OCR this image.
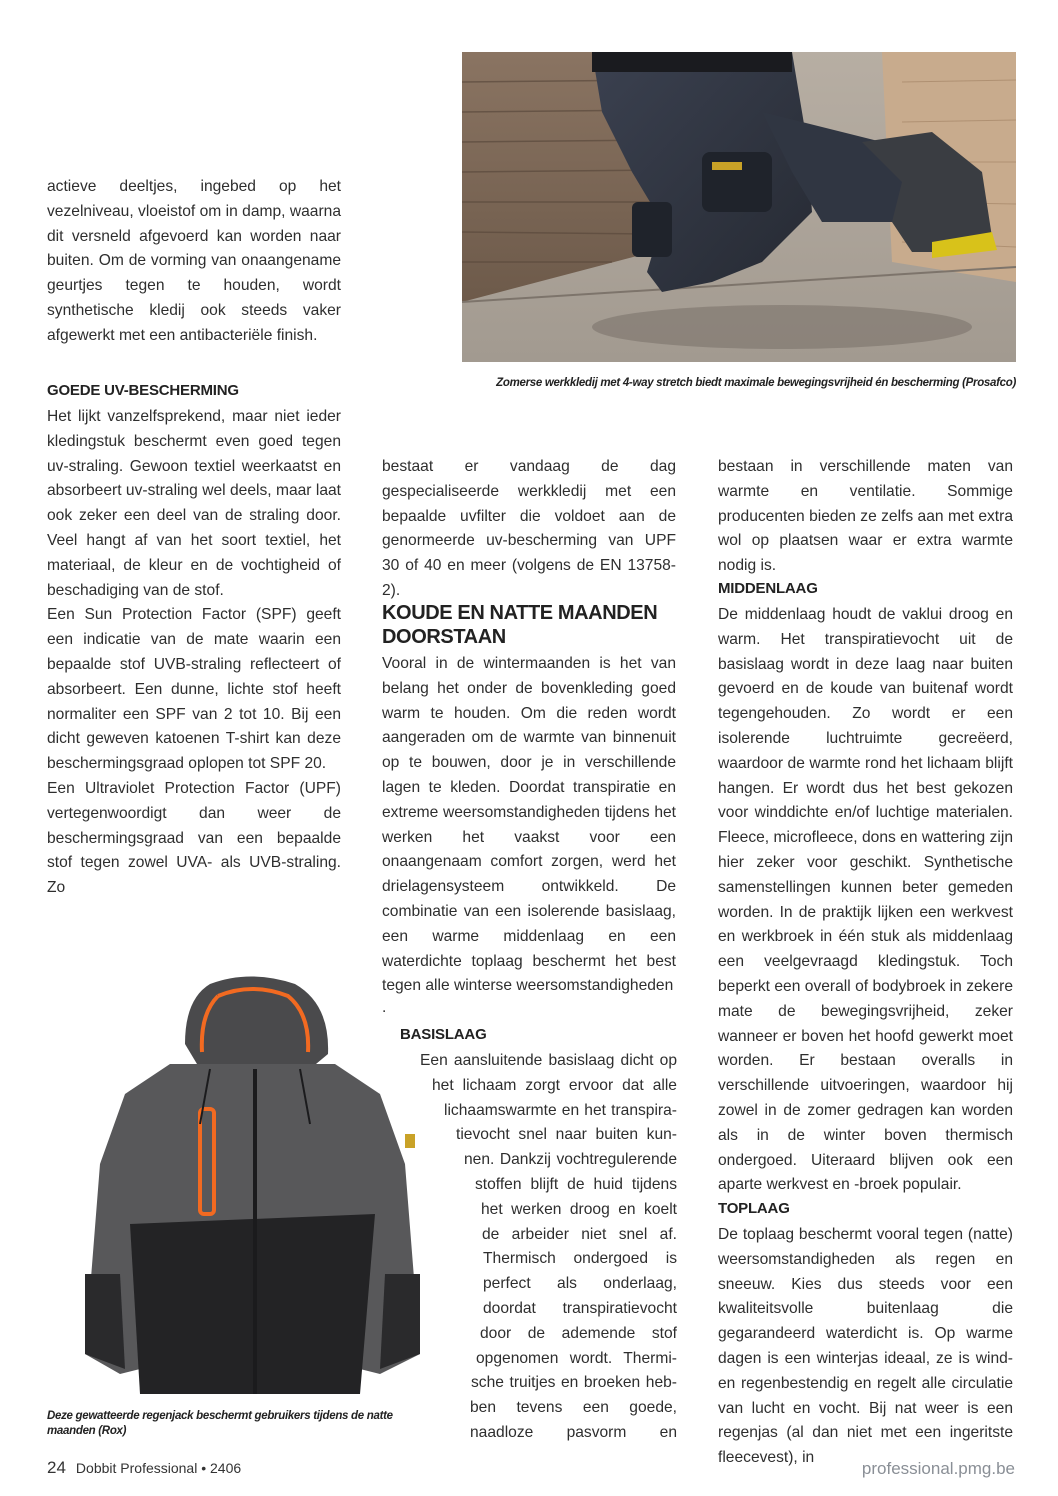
Zomerse werkkledij met 4-way stretch biedt maximale bewegingsvrijheid én bescherming (Prosafco)

actieve deeltjes, ingebed op het vezelniveau, vloeistof om in damp, waarna dit versneld afgevoerd kan worden naar buiten. Om de vorming van onaangename geurtjes tegen te houden, wordt synthetische kledij ook steeds vaker afgewerkt met een antibacteriële finish.

GOEDE UV-BESCHERMING

Het lijkt vanzelfsprekend, maar niet ieder kledingstuk beschermt even goed tegen uv-straling. Gewoon textiel weerkaatst en absorbeert uv-straling wel deels, maar laat ook zeker een deel van de straling door. Veel hangt af van het soort textiel, het materiaal, de kleur en de vochtigheid of beschadiging van de stof.

Een Sun Protection Factor (SPF) geeft een indicatie van de mate waarin een bepaalde stof UVB-straling reflecteert of absorbeert. Een dunne, lichte stof heeft normaliter een SPF van 2 tot 10. Bij een dicht geweven katoenen T-shirt kan deze beschermingsgraad oplopen tot SPF 20.

Een Ultraviolet Protection Factor (UPF) vertegenwoordigt dan weer de beschermingsgraad van een bepaalde stof tegen zowel UVA- als UVB-straling. Zo

bestaat er vandaag de dag gespecialiseerde werkkledij met een bepaalde uvfilter die voldoet aan de genormeerde uv-bescherming van UPF 30 of 40 en meer (volgens de EN 13758-2).

KOUDE EN NATTE MAANDEN DOORSTAAN

Vooral in de wintermaanden is het van belang het onder de bovenkleding goed warm te houden. Om die reden wordt aangeraden om de warmte van binnenuit op te bouwen, door je in verschillende lagen te kleden. Doordat transpiratie en extreme weersomstandigheden tijdens het werken het vaakst voor een onaangenaam comfort zorgen, werd het drielagensysteem ontwikkeld. De combinatie van een isolerende basislaag, een warme middenlaag en een waterdichte toplaag beschermt het best tegen alle winterse weersomstandigheden

.

BASISLAAG

Een aansluitende basislaag dicht op

het lichaam zorgt ervoor dat alle

lichaamswarmte en het transpira-

tievocht snel naar buiten kun-

nen. Dankzij vochtregulerende

stoffen blijft de huid tijdens

het werken droog en koelt

de arbeider niet snel af.

Thermisch ondergoed is

perfect als onderlaag,

doordat transpiratievocht

door de ademende stof

opgenomen wordt. Thermi-

sche truitjes en broeken heb-

ben tevens een goede,

naadloze pasvorm en

Deze gewatteerde regenjack beschermt gebruikers tijdens de natte maanden (Rox)

bestaan in verschillende maten van warmte en ventilatie. Sommige producenten bieden ze zelfs aan met extra wol op plaatsen waar er extra warmte nodig is.

MIDDENLAAG

De middenlaag houdt de vaklui droog en warm. Het transpiratievocht uit de basislaag wordt in deze laag naar buiten gevoerd en de koude van buitenaf wordt tegengehouden. Zo wordt er een isolerende luchtruimte gecreëerd, waardoor de warmte rond het lichaam blijft hangen. Er wordt dus het best gekozen voor winddichte en/of luchtige materialen. Fleece, microfleece, dons en wattering zijn hier zeker voor geschikt. Synthetische samenstellingen kunnen beter gemeden worden. In de praktijk lijken een werkvest en werkbroek in één stuk als middenlaag een veelgevraagd kledingstuk. Toch beperkt een overall of bodybroek in zekere mate de bewegingsvrijheid, zeker wanneer er boven het hoofd gewerkt moet worden. Er bestaan overalls in verschillende uitvoeringen, waardoor hij zowel in de zomer gedragen kan worden als in de winter boven thermisch ondergoed. Uiteraard blijven ook een aparte werkvest en -broek populair.

TOPLAAG

De toplaag beschermt vooral tegen (natte) weersomstandigheden als regen en sneeuw. Kies dus steeds voor een kwaliteitsvolle buitenlaag die gegarandeerd waterdicht is. Op warme dagen is een winterjas ideaal, ze is wind- en regenbestendig en regelt alle circulatie van lucht en vocht. Bij nat weer is een regenjas (al dan niet met een ingeritste fleecevest), in

24 Dobbit Professional • 2406	professional.pmg.be
